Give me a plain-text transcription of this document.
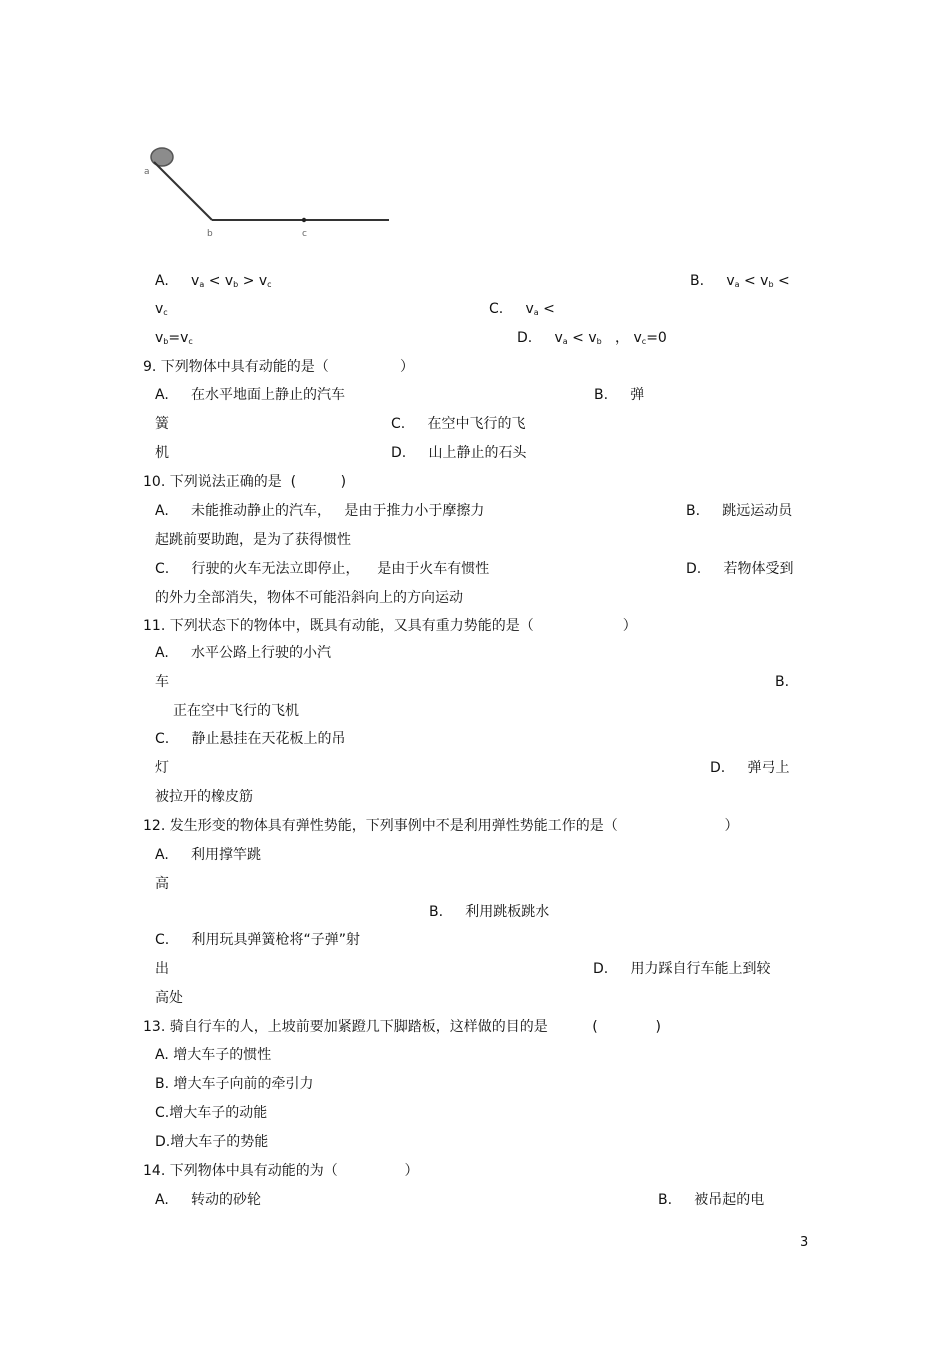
a
b	c
A. $v_a < v_b > v_c$	B. $v_a < v_b$ <
$v_c$	C. $v_a$ <
$v_b=v_c$	D. $v_a < v_b$   ， $v_c=0$
9. 下列物体中具有动能的是（                ）
A.     在水平地面上静止的汽车	B.     弹
簧	C.     在空中飞行的飞
机	D.     山上静止的石头
10. 下列说法正确的是  (          )
A.     未能推动静止的汽车，   是由于推力小于摩擦力	B.     跳远运动员
起跳前要助跑，是为了获得惯性
C.     行驶的火车无法立即停止，    是由于火车有惯性	D.     若物体受到
的外力全部消失，物体不可能沿斜向上的方向运动
11. 下列状态下的物体中，既具有动能，又具有重力势能的是（                    ）
A.     水平公路上行驶的小汽
车	B.
正在空中飞行的飞机
C.     静止悬挂在天花板上的吊
灯	D.     弹弓上
被拉开的橡皮筋
12. 发生形变的物体具有弹性势能，下列事例中不是利用弹性势能工作的是（                        ）
A.     利用撑竿跳
高
B.     利用跳板跳水
C.     利用玩具弹簧枪将“子弹”射
出	D.     用力踩自行车能上到较
高处
13. 骑自行车的人，上坡前要加紧蹬几下脚踏板，这样做的目的是          (             )
A. 增大车子的惯性
B. 增大车子向前的牵引力
C.增大车子的动能
D.增大车子的势能
14. 下列物体中具有动能的为（               ）
A.     转动的砂轮	B.     被吊起的电
3
